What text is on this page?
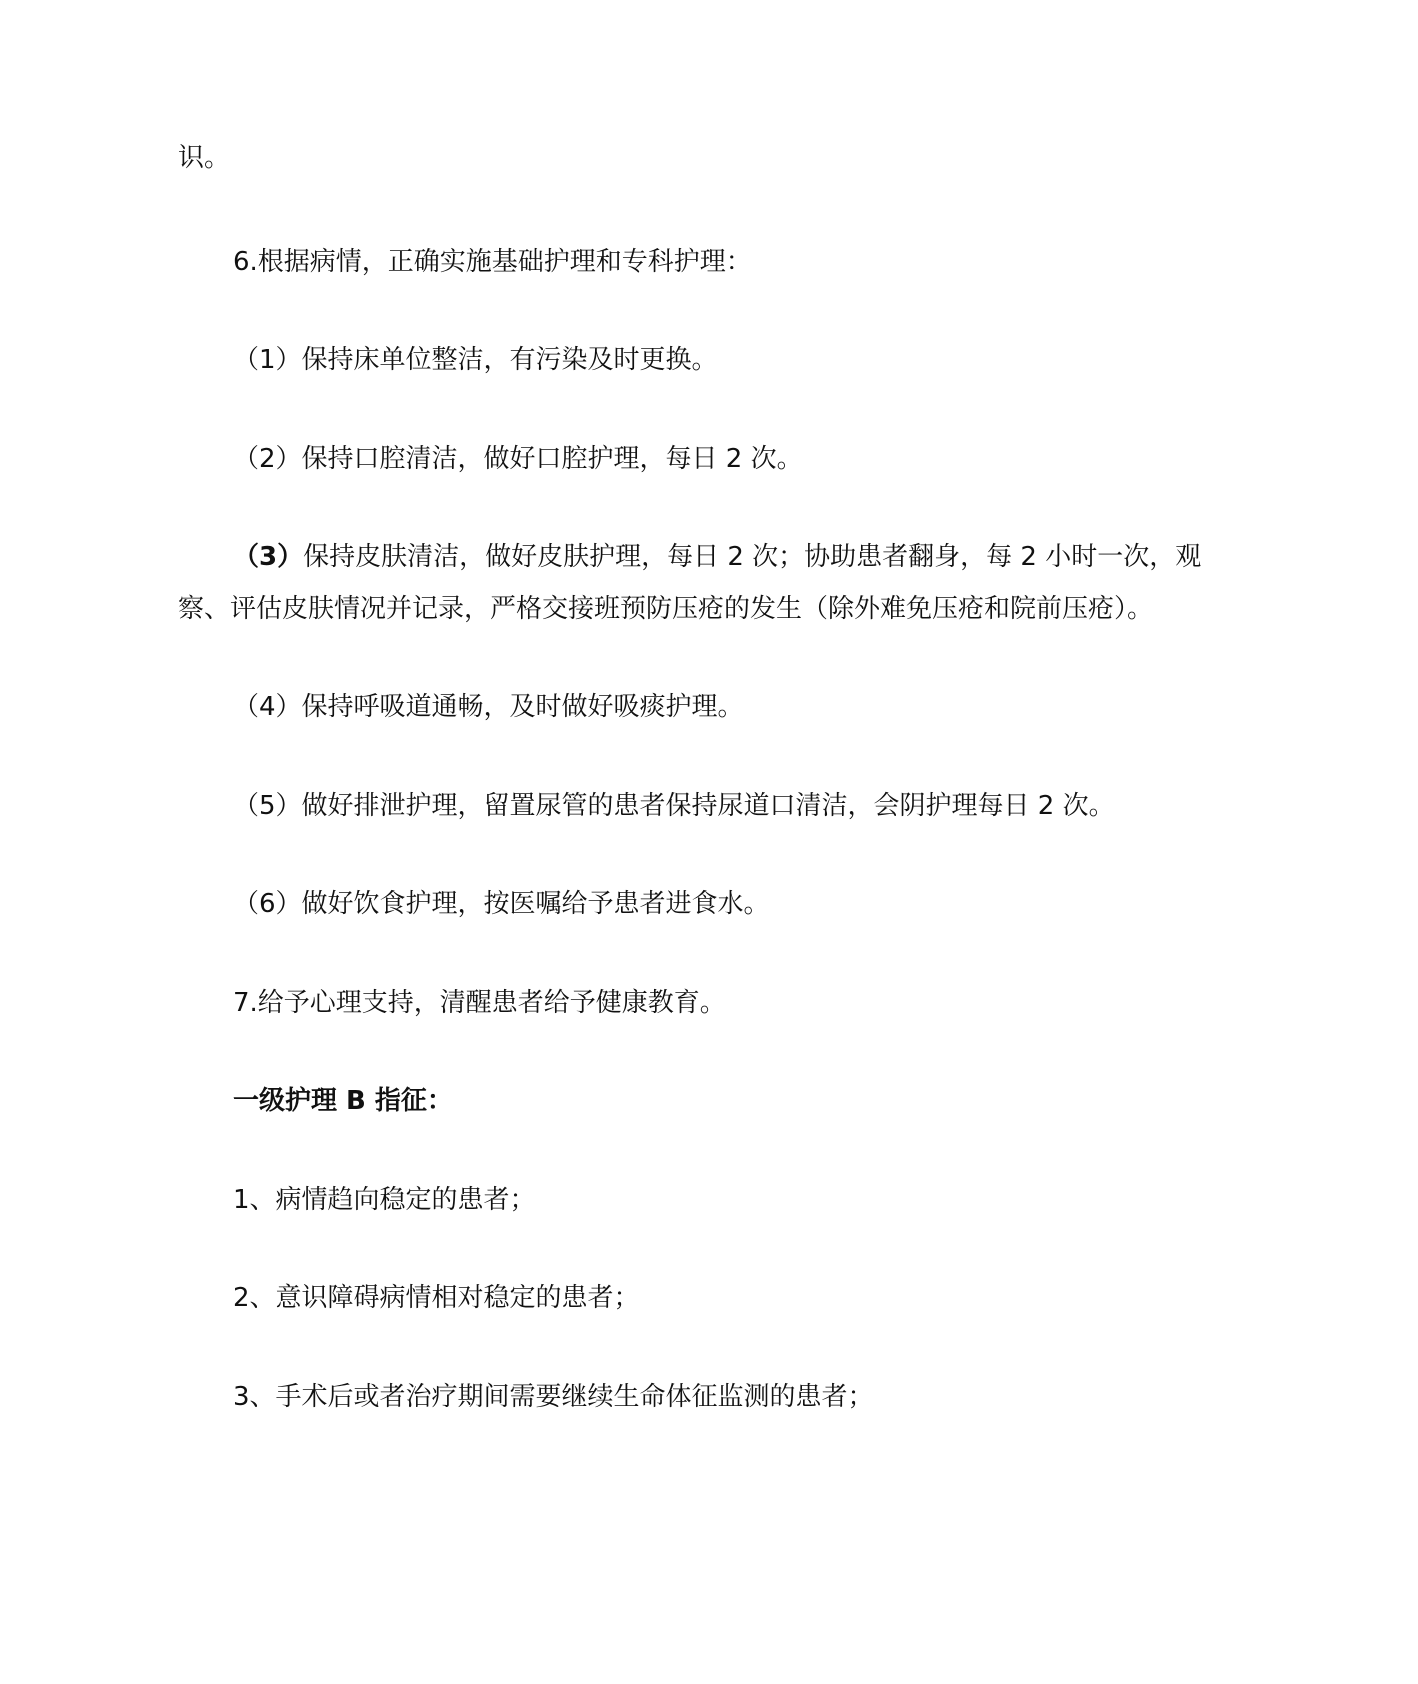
识。
6.根据病情，正确实施基础护理和专科护理：
（1）保持床单位整洁，有污染及时更换。
（2）保持口腔清洁，做好口腔护理，每日 2 次。
（3）保持皮肤清洁，做好皮肤护理，每日 2 次；协助患者翻身，每 2 小时一次，观
察、评估皮肤情况并记录，严格交接班预防压疮的发生（除外难免压疮和院前压疮）。
（4）保持呼吸道通畅，及时做好吸痰护理。
（5）做好排泄护理，留置尿管的患者保持尿道口清洁，会阴护理每日 2 次。
（6）做好饮食护理，按医嘱给予患者进食水。
7.给予心理支持，清醒患者给予健康教育。
一级护理 B 指征：
1、病情趋向稳定的患者；
2、意识障碍病情相对稳定的患者；
3、手术后或者治疗期间需要继续生命体征监测的患者；
